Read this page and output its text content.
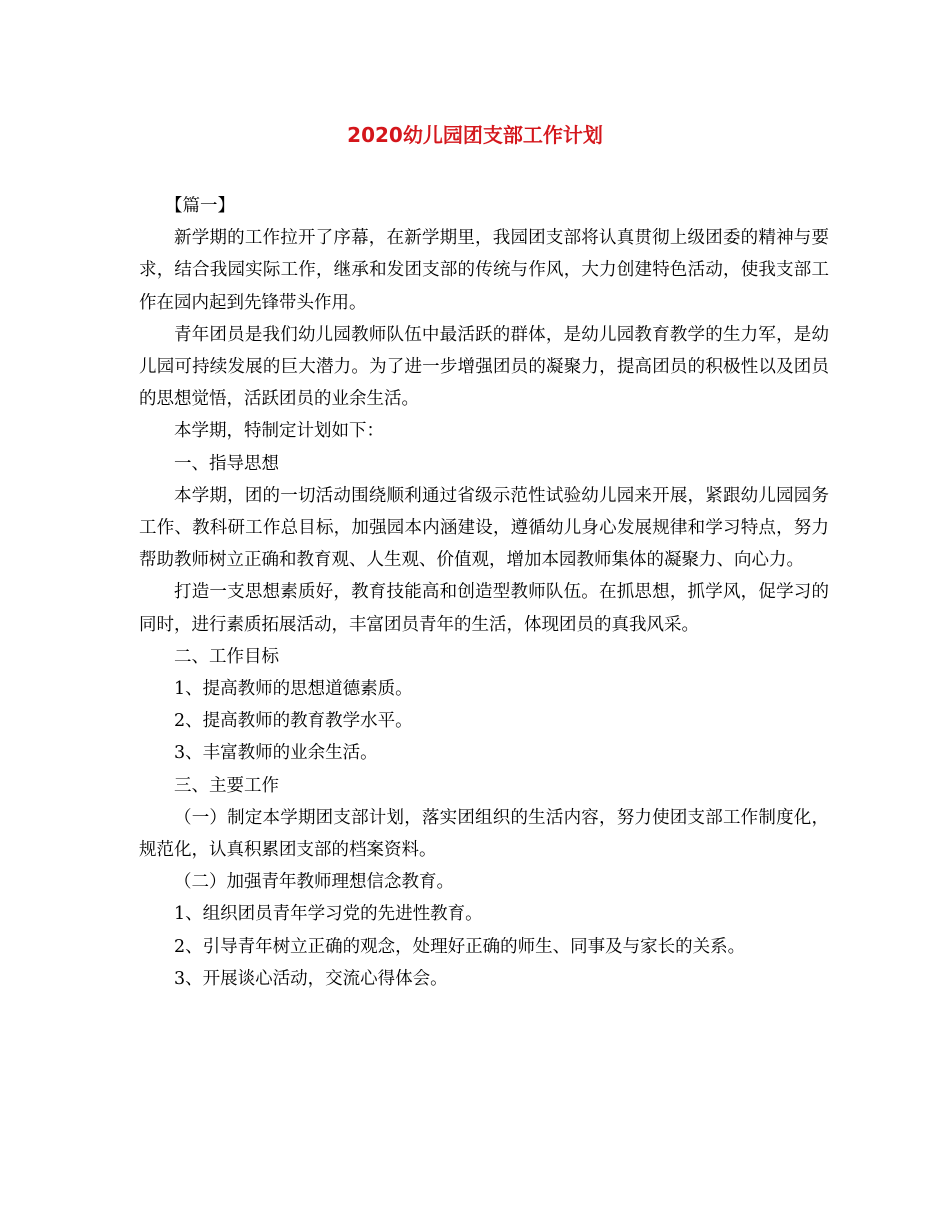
2020幼儿园团支部工作计划

【篇一】

新学期的工作拉开了序幕，在新学期里，我园团支部将认真贯彻上级团委的精神与要求，结合我园实际工作，继承和发团支部的传统与作风，大力创建特色活动，使我支部工作在园内起到先锋带头作用。

青年团员是我们幼儿园教师队伍中最活跃的群体，是幼儿园教育教学的生力军，是幼儿园可持续发展的巨大潜力。为了进一步增强团员的凝聚力，提高团员的积极性以及团员的思想觉悟，活跃团员的业余生活。

本学期，特制定计划如下：

一、指导思想

本学期，团的一切活动围绕顺利通过省级示范性试验幼儿园来开展，紧跟幼儿园园务工作、教科研工作总目标，加强园本内涵建设，遵循幼儿身心发展规律和学习特点，努力帮助教师树立正确和教育观、人生观、价值观，增加本园教师集体的凝聚力、向心力。

打造一支思想素质好，教育技能高和创造型教师队伍。在抓思想，抓学风，促学习的同时，进行素质拓展活动，丰富团员青年的生活，体现团员的真我风采。

二、工作目标

1、提高教师的思想道德素质。

2、提高教师的教育教学水平。

3、丰富教师的业余生活。

三、主要工作

（一）制定本学期团支部计划，落实团组织的生活内容，努力使团支部工作制度化，规范化，认真积累团支部的档案资料。

（二）加强青年教师理想信念教育。

1、组织团员青年学习党的先进性教育。

2、引导青年树立正确的观念，处理好正确的师生、同事及与家长的关系。

3、开展谈心活动，交流心得体会。
